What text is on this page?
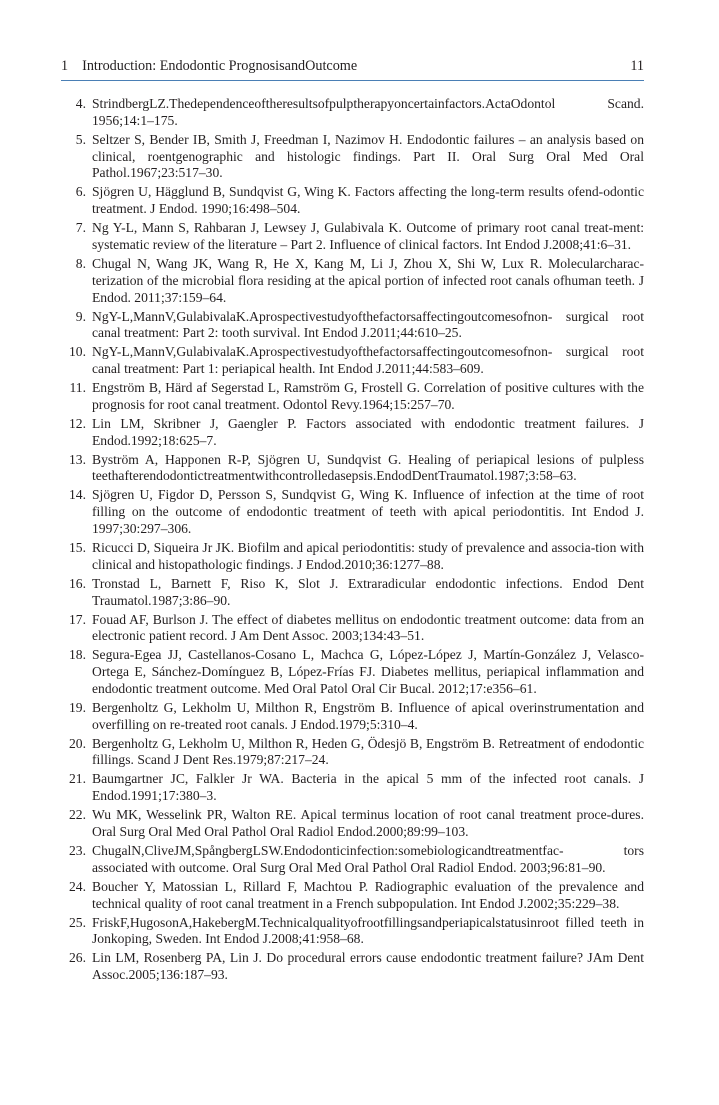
1 Introduction: Endodontic PrognosisandOutcome	11
4. StrindbergLZ.Thedependenceoftheresultsofpulptherapyoncertainfactors.ActaOdontol Scand. 1956;14:1–175.
5. Seltzer S, Bender IB, Smith J, Freedman I, Nazimov H. Endodontic failures – an analysis based on clinical, roentgenographic and histologic findings. Part II. Oral Surg Oral Med Oral Pathol.1967;23:517–30.
6. Sjögren U, Hägglund B, Sundqvist G, Wing K. Factors affecting the long-term results ofend-odontic treatment. J Endod. 1990;16:498–504.
7. Ng Y-L, Mann S, Rahbaran J, Lewsey J, Gulabivala K. Outcome of primary root canal treat-ment: systematic review of the literature – Part 2. Influence of clinical factors. Int Endod J.2008;41:6–31.
8. Chugal N, Wang JK, Wang R, He X, Kang M, Li J, Zhou X, Shi W, Lux R. Molecularcharac-terization of the microbial flora residing at the apical portion of infected root canals ofhuman teeth. J Endod. 2011;37:159–64.
9. NgY-L,MannV,GulabivalaK.Aprospectivestudyofthefactorsaffectingoutcomesofnon- surgical root canal treatment: Part 2: tooth survival. Int Endod J.2011;44:610–25.
10. NgY-L,MannV,GulabivalaK.Aprospectivestudyofthefactorsaffectingoutcomesofnon- surgical root canal treatment: Part 1: periapical health. Int Endod J.2011;44:583–609.
11. Engström B, Härd af Segerstad L, Ramström G, Frostell G. Correlation of positive cultures with the prognosis for root canal treatment. Odontol Revy.1964;15:257–70.
12. Lin LM, Skribner J, Gaengler P. Factors associated with endodontic treatment failures. J Endod.1992;18:625–7.
13. Byström A, Happonen R-P, Sjögren U, Sundqvist G. Healing of periapical lesions of pulpless teethafterendodontictreatmentwithcontrolledasepsis.EndodDentTraumatol.1987;3:58–63.
14. Sjögren U, Figdor D, Persson S, Sundqvist G, Wing K. Influence of infection at the time of root filling on the outcome of endodontic treatment of teeth with apical periodontitis. Int Endod J. 1997;30:297–306.
15. Ricucci D, Siqueira Jr JK. Biofilm and apical periodontitis: study of prevalence and associa-tion with clinical and histopathologic findings. J Endod.2010;36:1277–88.
16. Tronstad L, Barnett F, Riso K, Slot J. Extraradicular endodontic infections. Endod Dent Traumatol.1987;3:86–90.
17. Fouad AF, Burlson J. The effect of diabetes mellitus on endodontic treatment outcome: data from an electronic patient record. J Am Dent Assoc. 2003;134:43–51.
18. Segura-Egea JJ, Castellanos-Cosano L, Machca G, López-López J, Martín-González J, Velasco-Ortega E, Sánchez-Domínguez B, López-Frías FJ. Diabetes mellitus, periapical inflammation and endodontic treatment outcome. Med Oral Patol Oral Cir Bucal. 2012;17:e356–61.
19. Bergenholtz G, Lekholm U, Milthon R, Engström B. Influence of apical overinstrumentation and overfilling on re-treated root canals. J Endod.1979;5:310–4.
20. Bergenholtz G, Lekholm U, Milthon R, Heden G, Ödesjö B, Engström B. Retreatment of endodontic fillings. Scand J Dent Res.1979;87:217–24.
21. Baumgartner JC, Falkler Jr WA. Bacteria in the apical 5 mm of the infected root canals. J Endod.1991;17:380–3.
22. Wu MK, Wesselink PR, Walton RE. Apical terminus location of root canal treatment proce-dures. Oral Surg Oral Med Oral Pathol Oral Radiol Endod.2000;89:99–103.
23. ChugalN,CliveJM,SpångbergLSW.Endodonticinfection:somebiologicandtreatmentfac- tors associated with outcome. Oral Surg Oral Med Oral Pathol Oral Radiol Endod. 2003;96:81–90.
24. Boucher Y, Matossian L, Rillard F, Machtou P. Radiographic evaluation of the prevalence and technical quality of root canal treatment in a French subpopulation. Int Endod J.2002;35:229–38.
25. FriskF,HugosonA,HakebergM.Technicalqualityofrootfillingsandperiapicalstatusinroot filled teeth in Jonkoping, Sweden. Int Endod J.2008;41:958–68.
26. Lin LM, Rosenberg PA, Lin J. Do procedural errors cause endodontic treatment failure? JAm Dent Assoc.2005;136:187–93.
